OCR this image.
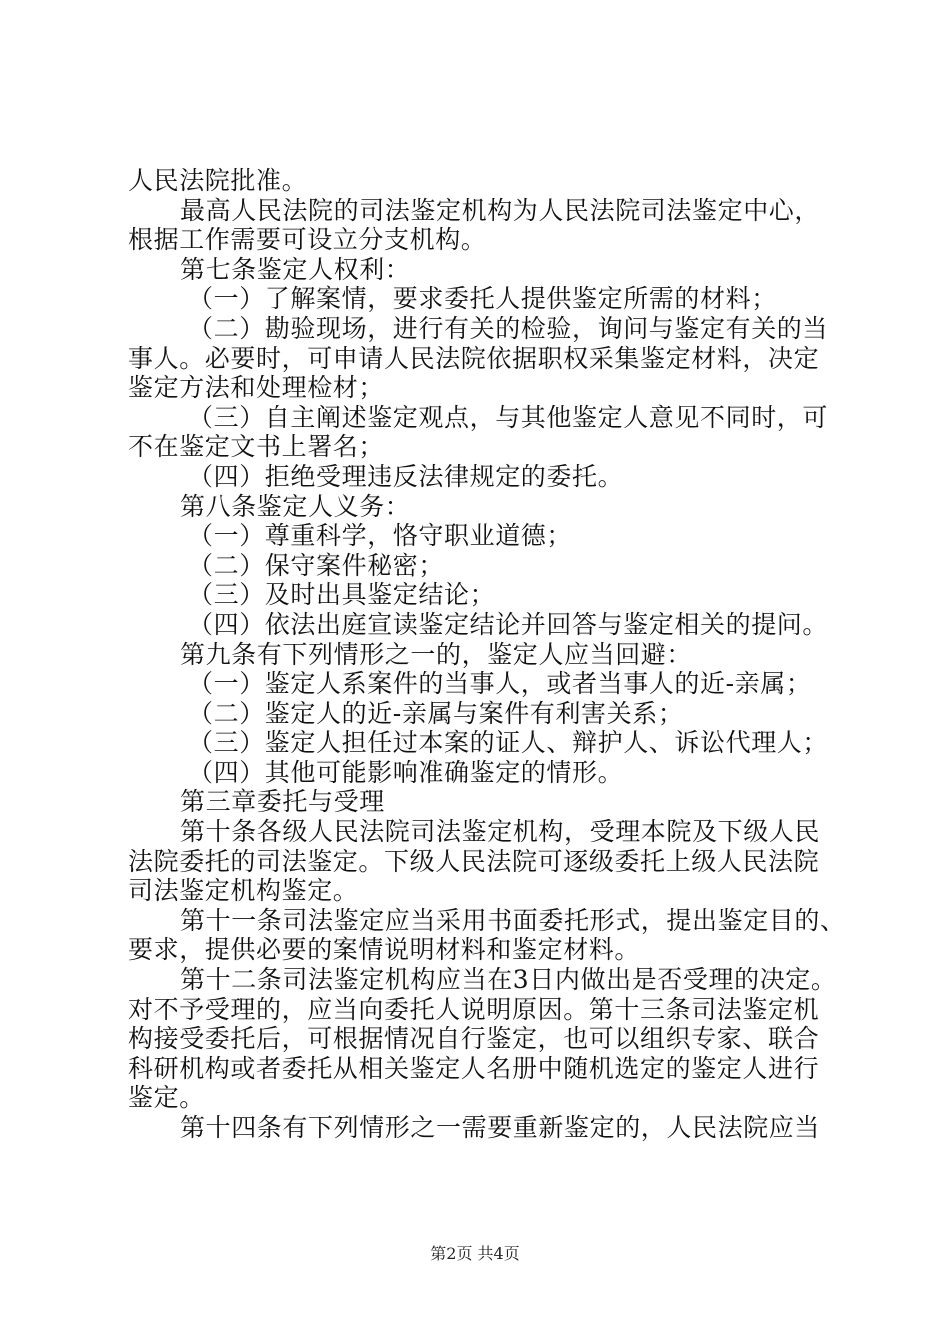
人民法院批准。
最高人民法院的司法鉴定机构为人民法院司法鉴定中心，
根据工作需要可设立分支机构。
第七条鉴定人权利：
（一）了解案情，要求委托人提供鉴定所需的材料；
（二）勘验现场，进行有关的检验，询问与鉴定有关的当
事人。必要时，可申请人民法院依据职权采集鉴定材料，决定
鉴定方法和处理检材；
（三）自主阐述鉴定观点，与其他鉴定人意见不同时，可
不在鉴定文书上署名；
（四）拒绝受理违反法律规定的委托。
第八条鉴定人义务：
（一）尊重科学，恪守职业道德；
（二）保守案件秘密；
（三）及时出具鉴定结论；
（四）依法出庭宣读鉴定结论并回答与鉴定相关的提问。
第九条有下列情形之一的，鉴定人应当回避：
（一）鉴定人系案件的当事人，或者当事人的近-亲属；
（二）鉴定人的近-亲属与案件有利害关系；
（三）鉴定人担任过本案的证人、辩护人、诉讼代理人；
（四）其他可能影响准确鉴定的情形。
第三章委托与受理
第十条各级人民法院司法鉴定机构，受理本院及下级人民
法院委托的司法鉴定。下级人民法院可逐级委托上级人民法院
司法鉴定机构鉴定。
第十一条司法鉴定应当采用书面委托形式，提出鉴定目的、
要求，提供必要的案情说明材料和鉴定材料。
第十二条司法鉴定机构应当在3日内做出是否受理的决定。
对不予受理的，应当向委托人说明原因。第十三条司法鉴定机
构接受委托后，可根据情况自行鉴定，也可以组织专家、联合
科研机构或者委托从相关鉴定人名册中随机选定的鉴定人进行
鉴定。
第十四条有下列情形之一需要重新鉴定的，人民法院应当
第2页 共4页
